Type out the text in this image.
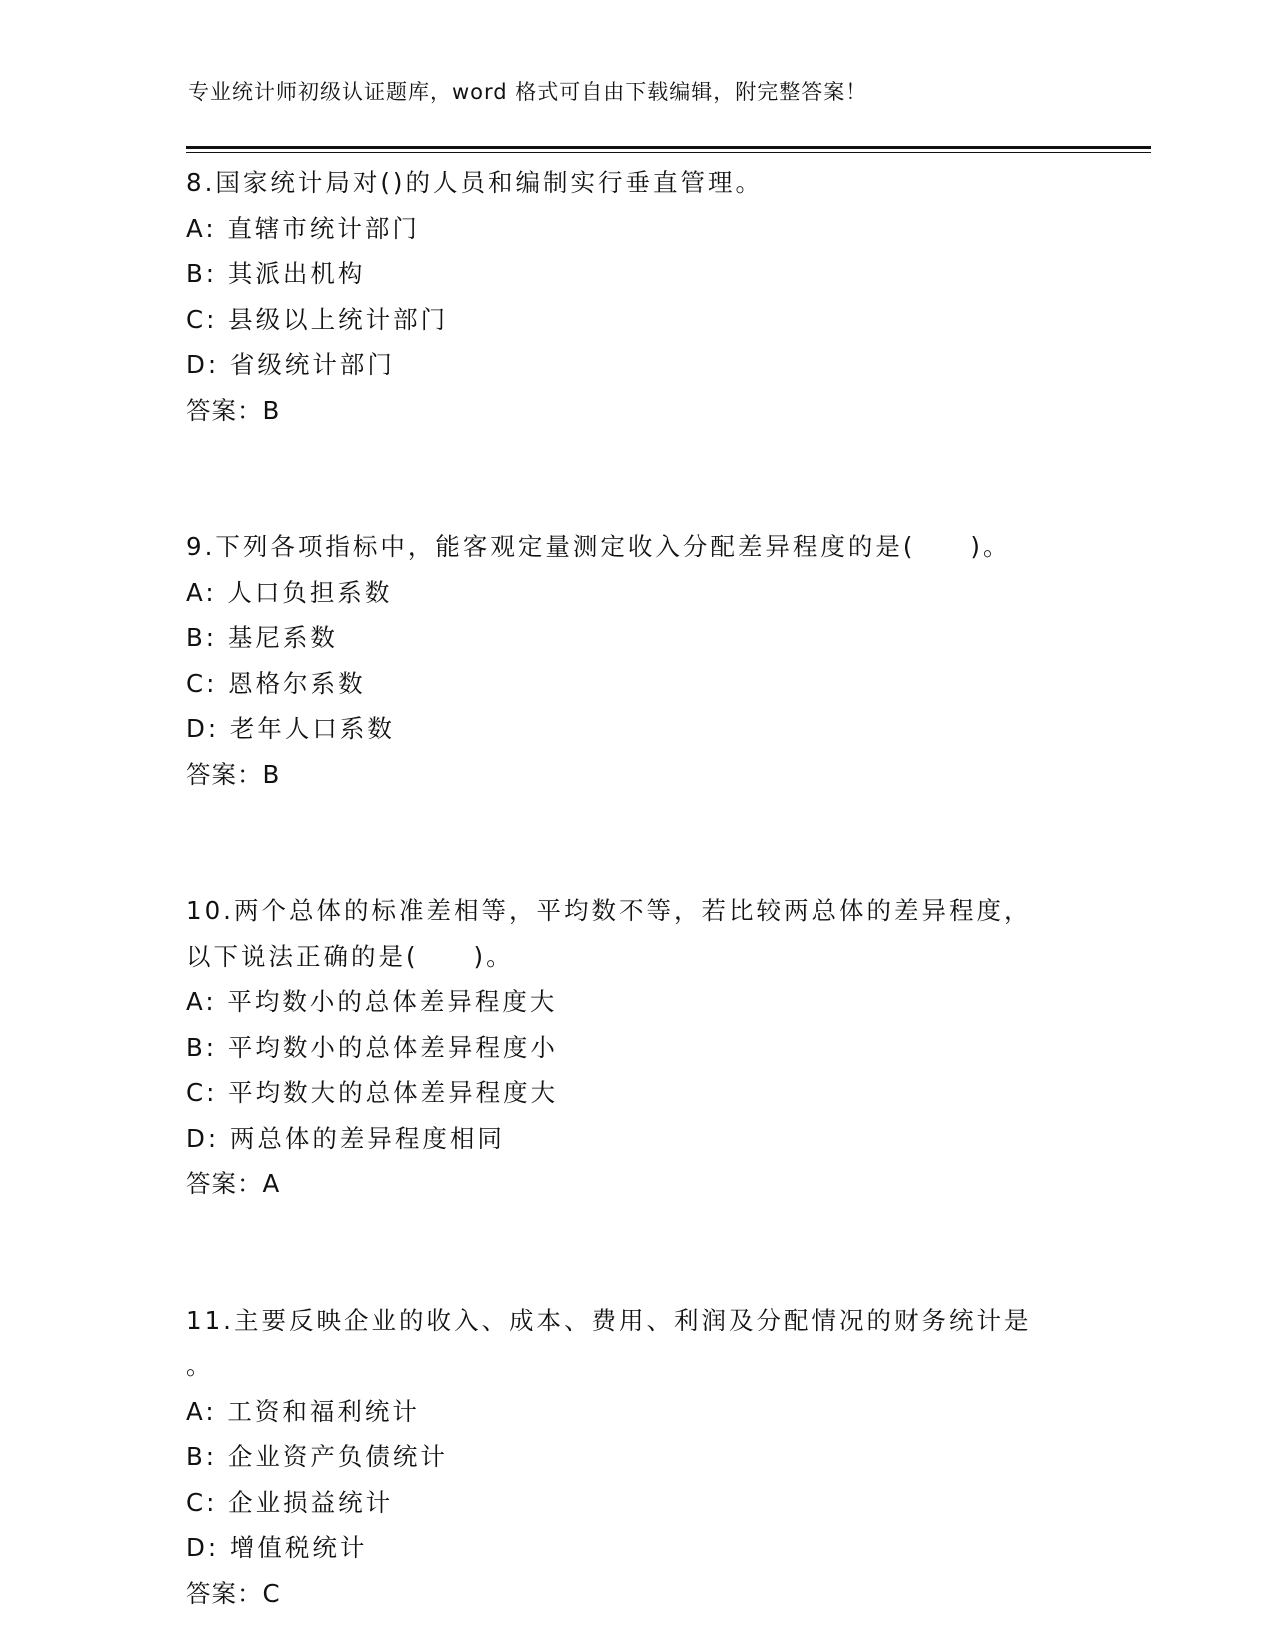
专业统计师初级认证题库，word 格式可自由下载编辑，附完整答案！
8.国家统计局对()的人员和编制实行垂直管理。
A: 直辖市统计部门
B: 其派出机构
C: 县级以上统计部门
D: 省级统计部门
答案：B
9.下列各项指标中，能客观定量测定收入分配差异程度的是(　　)。
A: 人口负担系数
B: 基尼系数
C: 恩格尔系数
D: 老年人口系数
答案：B
10.两个总体的标准差相等，平均数不等，若比较两总体的差异程度，
以下说法正确的是(　　)。
A: 平均数小的总体差异程度大
B: 平均数小的总体差异程度小
C: 平均数大的总体差异程度大
D: 两总体的差异程度相同
答案：A
11.主要反映企业的收入、成本、费用、利润及分配情况的财务统计是
。
A: 工资和福利统计
B: 企业资产负债统计
C: 企业损益统计
D: 增值税统计
答案：C
